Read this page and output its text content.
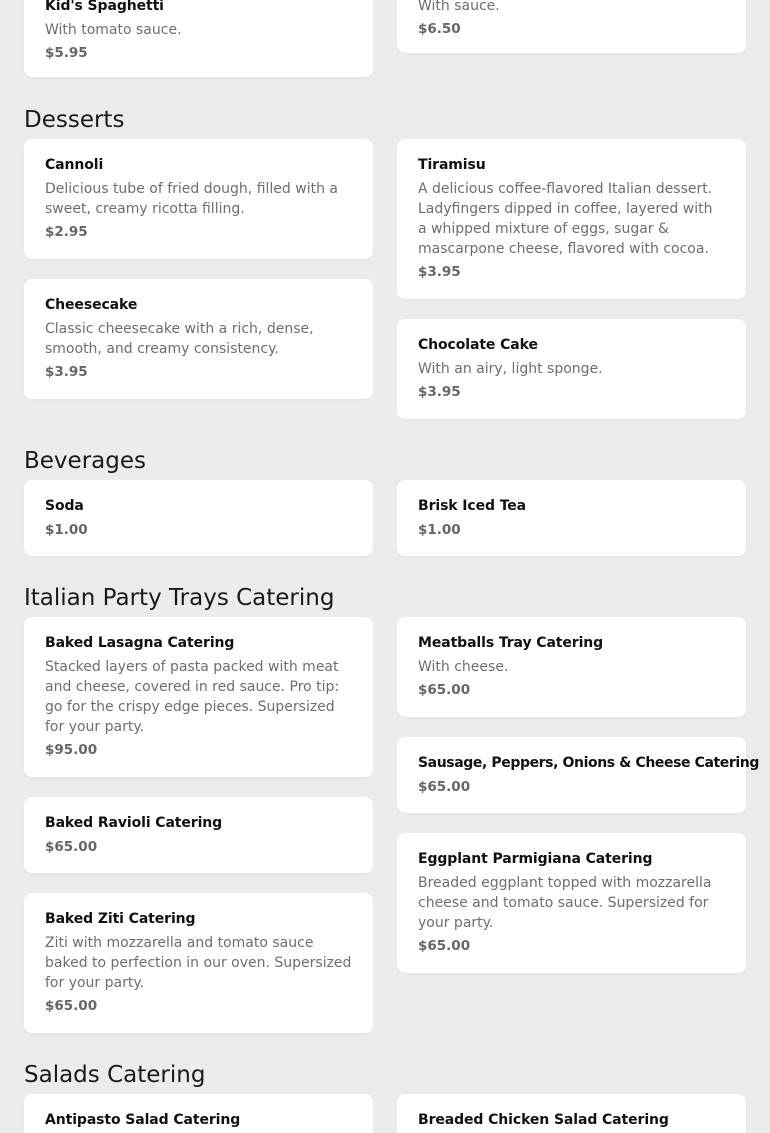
Kid's Spaghetti

With tomato sauce.

$5.95

With sauce.

$6.50
Desserts

Cannoli

Delicious tube of fried dough, filled with a sweet, creamy ricotta filling.

$2.95

Tiramisu

A delicious coffee-flavored Italian dessert. Ladyfingers dipped in coffee, layered with a whipped mixture of eggs, sugar & mascarpone cheese, flavored with cocoa.

$3.95

Cheesecake

Classic cheesecake with a rich, dense, smooth, and creamy consistency.

$3.95

Chocolate Cake

With an airy, light sponge.

$3.95
Beverages

Soda

$1.00

Brisk Iced Tea

$1.00
Italian Party Trays Catering

Baked Lasagna Catering

Stacked layers of pasta packed with meat and cheese, covered in red sauce. Pro tip: go for the crispy edge pieces. Supersized for your party.

$95.00

Meatballs Tray Catering

With cheese.

$65.00

Sausage, Peppers, Onions & Cheese Catering

$65.00

Baked Ravioli Catering

$65.00

Eggplant Parmigiana Catering

Breaded eggplant topped with mozzarella cheese and tomato sauce. Supersized for your party.

$65.00

Baked Ziti Catering

Ziti with mozzarella and tomato sauce baked to perfection in our oven. Supersized for your party.

$65.00
Salads Catering

Antipasto Salad Catering	Breaded Chicken Salad Catering
